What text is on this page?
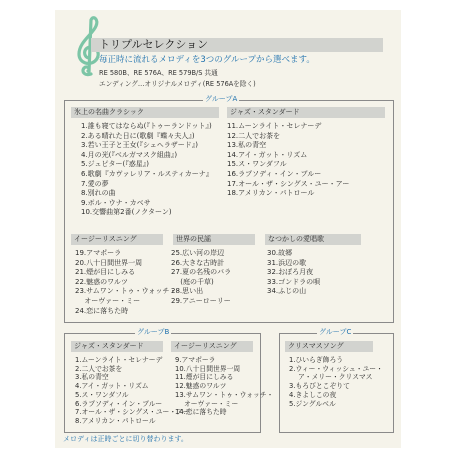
トリプルセレクション
毎正時に流れるメロディを3つのグループから選べます。
RE 580B、RE 576A、RE 579B/S 共通
エンディング…オリジナルメロディ(RE 576Aを除く)
グループA
氷上の名曲クラシック
1.誰も寝てはならぬ(『トゥーランドット』)
2.ある晴れた日に(歌劇『蝶々夫人』)
3.若い王子と王女(『シェヘラザード』)
4.月の光(『ベルガマスク組曲』)
5.ジュピター(『惑星』)
6.歌劇『カヴァレリア・ルスティカーナ』
7.愛の夢
8.別れの曲
9.ボル・ウナ・カベサ
10.交響曲第2番(ノクターン)
ジャズ・スタンダード
11.ムーンライト・セレナーデ
12.二人でお茶を
13.私の青空
14.アイ・ガット・リズム
15.ス・ワンダフル
16.ラプソディ・イン・ブルー
17.オール・ザ・シングス・ユー・アー
18.アメリカン・パトロール
イージーリスニング
19.アマポーラ
20.八十日間世界一周
21.煙が目にしみる
22.魅惑のワルツ
23.サムワン・トゥ・ウォッチ・
　 オーヴァー・ミー
24.恋に落ちた時
世界の民謡
25.広い河の岸辺
26.大きな古時計
27.夏の名残のバラ
　 (庭の千草)
28.思い出
29.アニーローリー
なつかしの愛唱歌
30.故郷
31.浜辺の歌
32.おぼろ月夜
33.ゴンドラの唄
34.ふじの山
グループB
ジャズ・スタンダード
1.ムーンライト・セレナーデ
2.二人でお茶を
3.私の青空
4.アイ・ガット・リズム
5.ス・ワンダフル
6.ラプソディ・イン・ブルー
7.オール・ザ・シングス・ユー・アー
8.アメリカン・パトロール
イージーリスニング
9.アマポーラ
10.八十日間世界一周
11.煙が目にしみる
12.魅惑のワルツ
13.サムワン・トゥ・ウォッチ・
　 オーヴァー・ミー
14.恋に落ちた時
グループC
クリスマスソング
1.ひいらぎ飾ろう
2.ウィー・ウィッシュ・ユー・
　 ア・メリー・クリスマス
3.もろびとこぞりて
4.きよしこの夜
5.ジングルベル
メロディは正時ごとに切り替わります。
